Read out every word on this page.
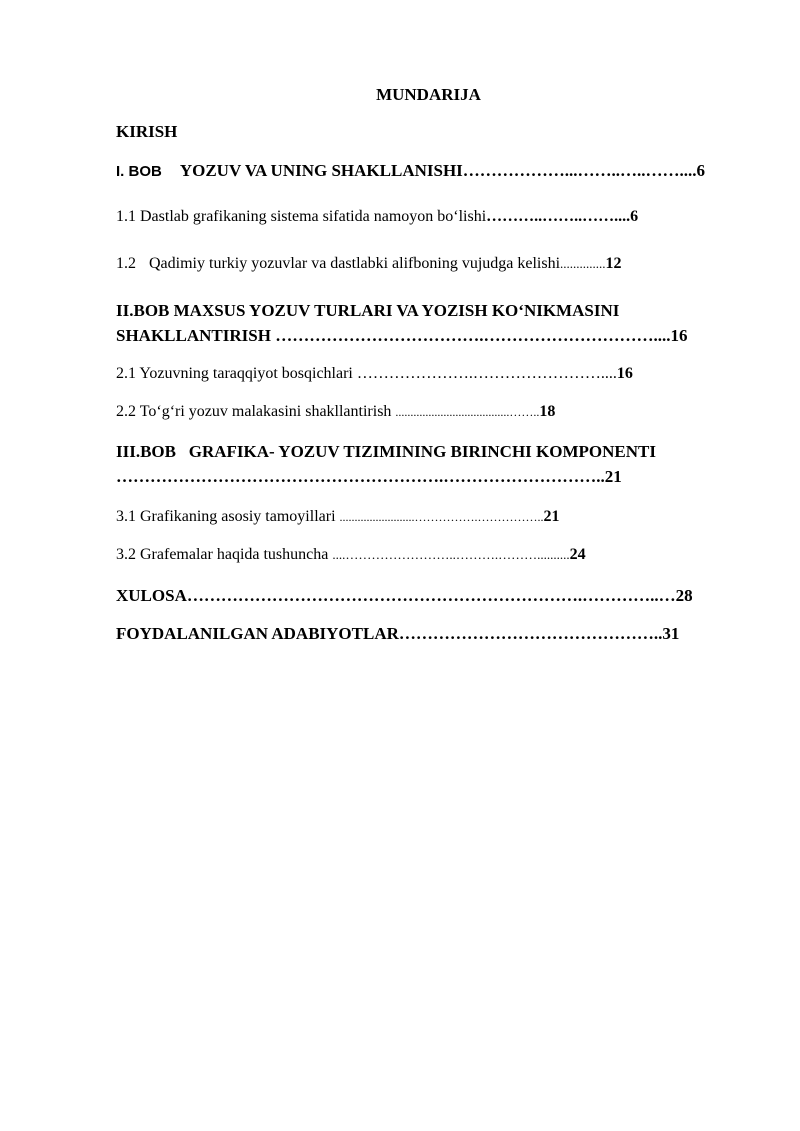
MUNDARIJA
KIRISH
I. BOB YOZUV VA UNING SHAKLLANISHI………………...……..…..……....6
1.1 Dastlab grafikaning sistema sifatida namoyon bo‘lishi………..……..……....6
1.2 Qadimiy turkiy yozuvlar va dastlabki alifboning vujudga kelishi..............12
II.BOB MAXSUS YOZUV TURLARI VA YOZISH KO‘NIKMASINI
SHAKLLANTIRISH ……………………………….…………………………....16
2.1 Yozuvning taraqqiyot bosqichlari ………………….……………………....16
2.2 To‘g‘ri yozuv malakasini shakllantirish ......................................……..18
III.BOB   GRAFIKA- YOZUV TIZIMINING BIRINCHI KOMPONENTI
………………………………………………….………………………..21
3.1 Grafikaning asosiy tamoyillari .........................…………….……………..21
3.2 Grafemalar haqida tushuncha ....……………………..……….………..........24
XULOSA…………………………………………………………….…………..…28
FOYDALANILGAN ADABIYOTLAR………………………………………..31
